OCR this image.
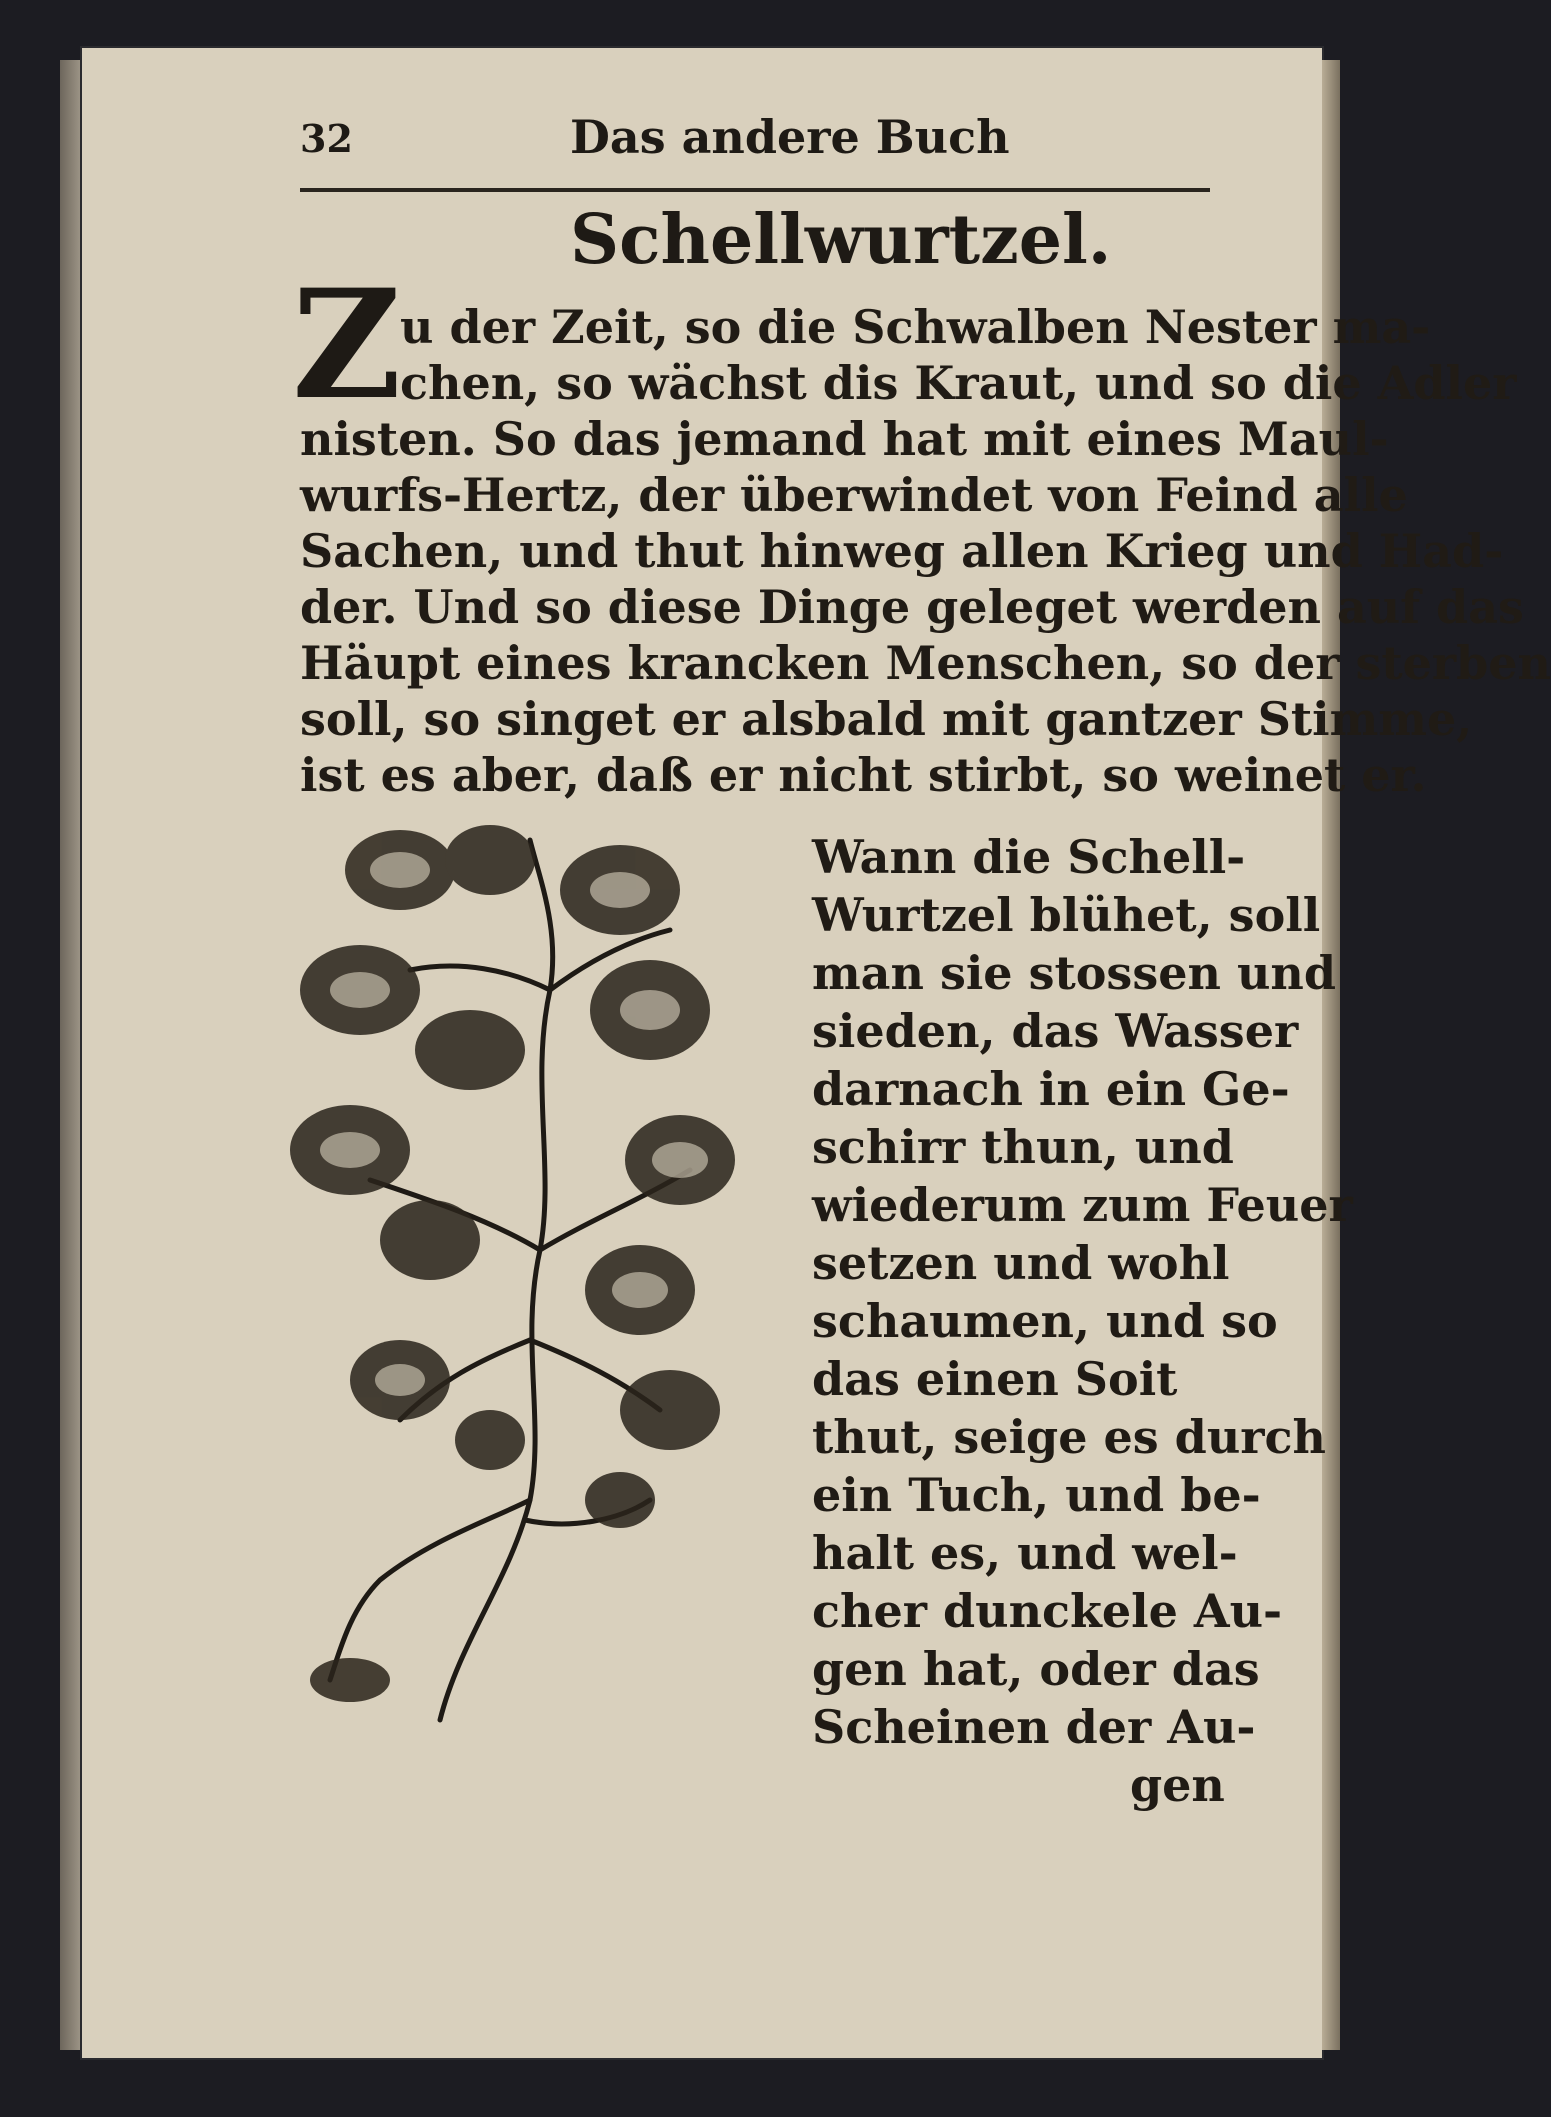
32	Das andere Buch
Schellwurtzel.
Z
u der Zeit, so die Schwalben Nester ma-
chen, so wächst dis Kraut, und so die Adler
nisten. So das jemand hat mit eines Maul-
wurfs-Hertz, der überwindet von Feind alle
Sachen, und thut hinweg allen Krieg und Had-
der. Und so diese Dinge geleget werden auf das
Häupt eines krancken Menschen, so der sterben
soll, so singet er alsbald mit gantzer Stimme,
ist es aber, daß er nicht stirbt, so weinet er.
Wann die Schell-
Wurtzel blühet, soll
man sie stossen und
sieden, das Wasser
darnach in ein Ge-
schirr thun, und
wiederum zum Feuer
setzen und wohl
schaumen, und so
das einen Soit
thut, seige es durch
ein Tuch, und be-
halt es, und wel-
cher dunckele Au-
gen hat, oder das
Scheinen der Au-
gen
